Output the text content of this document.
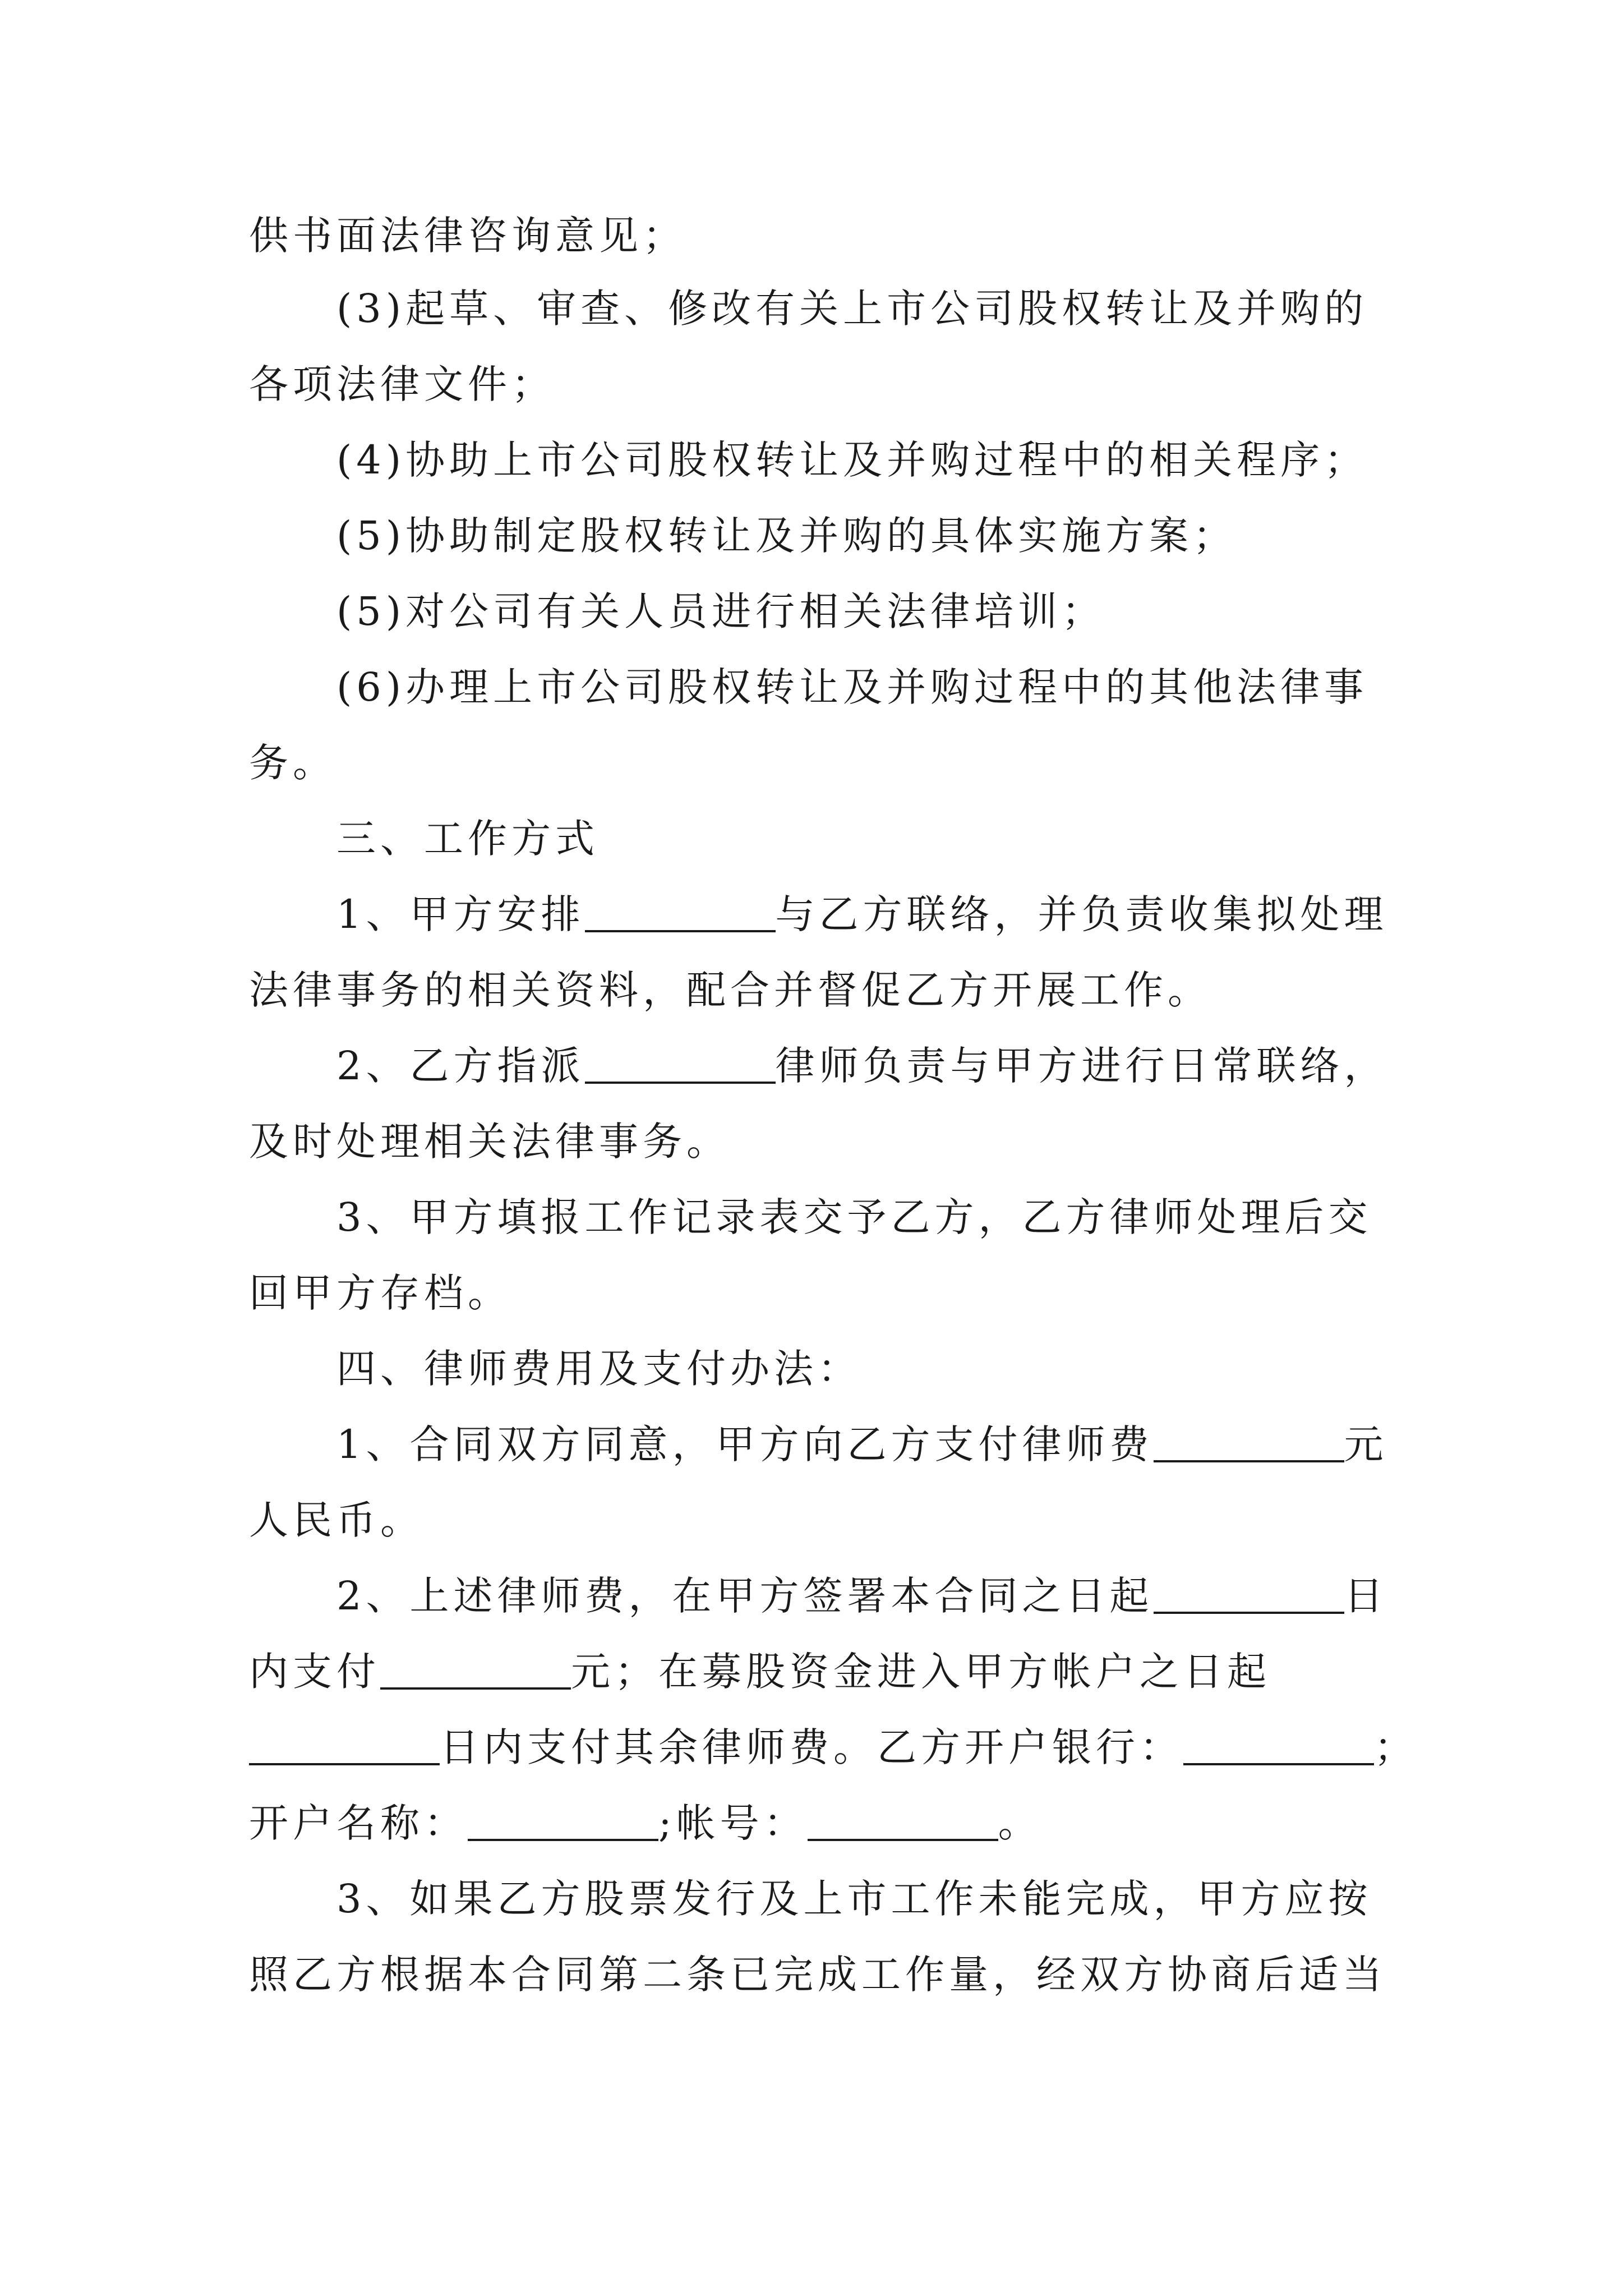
供书面法律咨询意见；
(3)起草、审查、修改有关上市公司股权转让及并购的
各项法律文件；
(4)协助上市公司股权转让及并购过程中的相关程序；
(5)协助制定股权转让及并购的具体实施方案；
(5)对公司有关人员进行相关法律培训；
(6)办理上市公司股权转让及并购过程中的其他法律事
务。
三、工作方式
1、甲方安排	与乙方联络，并负责收集拟处理
法律事务的相关资料，配合并督促乙方开展工作。
2、乙方指派	律师负责与甲方进行日常联络，
及时处理相关法律事务。
3、甲方填报工作记录表交予乙方，乙方律师处理后交
回甲方存档。
四、律师费用及支付办法：
1、合同双方同意，甲方向乙方支付律师费	元
人民币。
2、上述律师费，在甲方签署本合同之日起	日
内支付	元；在募股资金进入甲方帐户之日起
日内支付其余律师费。乙方开户银行：	；
开户名称：	;帐号：	。
3、如果乙方股票发行及上市工作未能完成，甲方应按
照乙方根据本合同第二条已完成工作量，经双方协商后适当
